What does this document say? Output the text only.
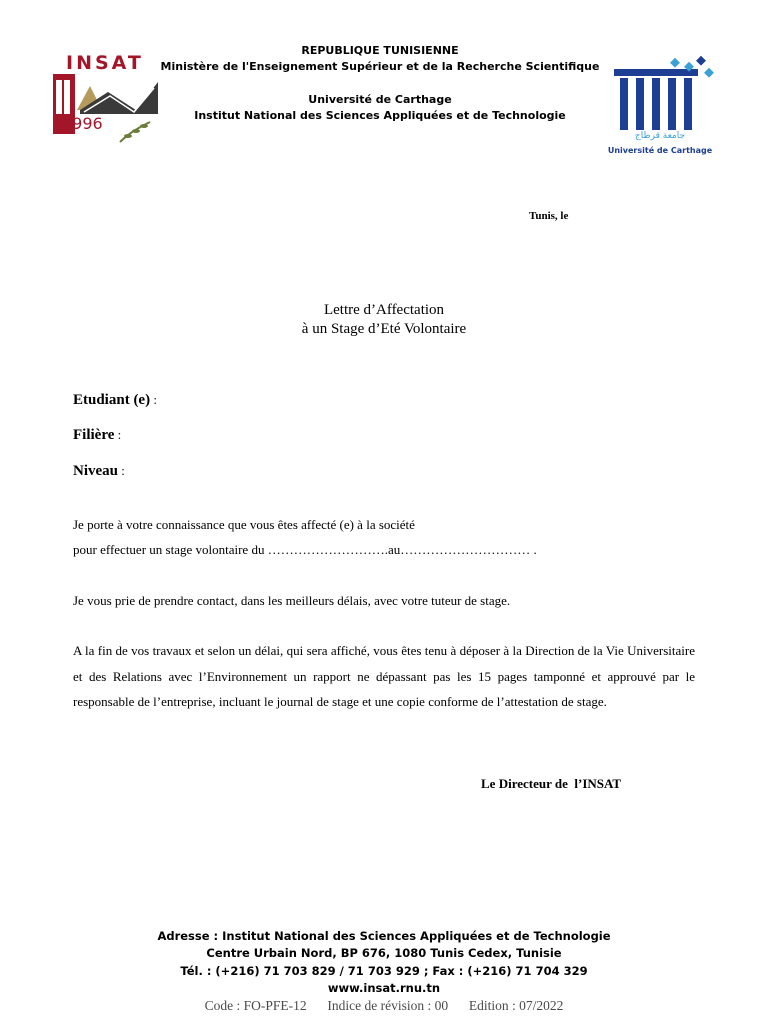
INSAT
1996
REPUBLIQUE TUNISIENNE
Ministère de l'Enseignement Supérieur et de la Recherche Scientifique
Université de Carthage
Institut National des Sciences Appliquées et de Technologie
جامعة قرطاج
Université de Carthage
Tunis, le
Lettre d’Affectation
à un Stage d’Eté Volontaire
Etudiant (e) :
Filière :
Niveau :
Je porte à votre connaissance que vous êtes affecté (e) à la société
pour effectuer un stage volontaire du ……………………….au………………………… .
Je vous prie de prendre contact, dans les meilleurs délais, avec votre tuteur de stage.
A la fin de vos travaux et selon un délai, qui sera affiché, vous êtes tenu à déposer à la Direction de la Vie Universitaire et des Relations avec l’Environnement un rapport ne dépassant pas les 15 pages tamponné et approuvé par le responsable de l’entreprise, incluant le journal de stage et une copie conforme de l’attestation de stage.
Le Directeur de  l’INSAT
Adresse : Institut National des Sciences Appliquées et de Technologie
Centre Urbain Nord, BP 676, 1080 Tunis Cedex, Tunisie
Tél. : (+216) 71 703 829 / 71 703 929 ; Fax : (+216) 71 704 329
www.insat.rnu.tn
Code : FO-PFE-12 Indice de révision : 00 Edition : 07/2022
